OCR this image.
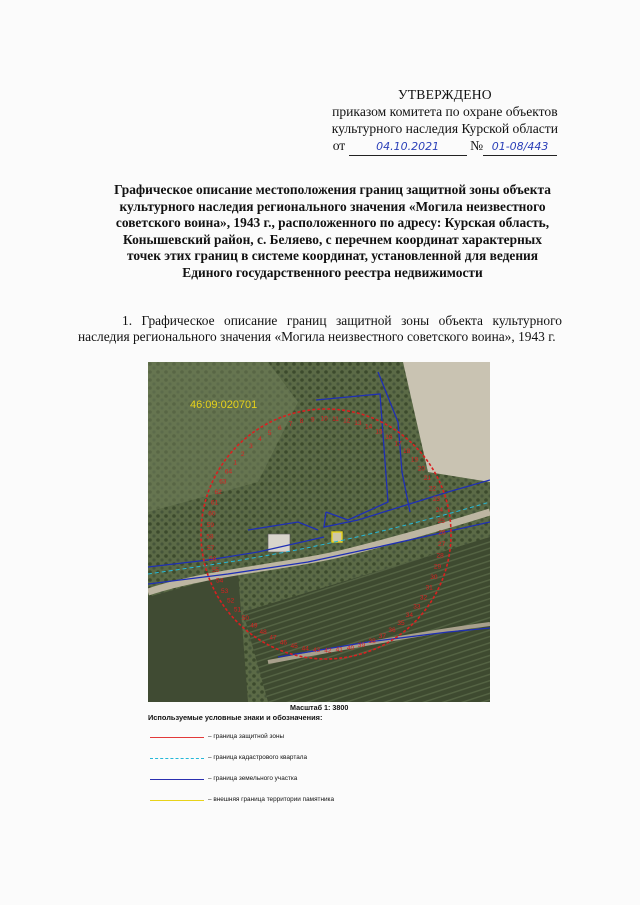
УТВЕРЖДЕНО
приказом комитета по охране объектов
культурного наследия Курской области
от	04.10.2021 № 01-08/443
Графическое описание местоположения границ защитной зоны объекта культурного наследия регионального значения «Могила неизвестного советского воина», 1943 г., расположенного по адресу: Курская область, Конышевский район, с. Беляево, с перечнем координат характерных точек этих границ в системе координат, установленной для ведения Единого государственного реестра недвижимости
1. Графическое описание границ защитной зоны объекта культурного наследия регионального значения «Могила неизвестного советского воина», 1943 г.
1
2
3
4
5
6
7 8 9 10 11 12 13
14
15
16
17
18
19
20
21
22
23
24
25
26
27
28
29
30
31
32
33
34
35
36
37
38
39
40
41
42
43
44
45
46
47
48
49
50
51
52
53
54
55
56
57
58
59
60
61
62
63
64
46:09:020701
Масштаб 1: 3800
Используемые условные знаки и обозначения:
– граница защитной зоны
– граница кадастрового квартала
– граница земельного участка
– внешняя граница территории памятника
